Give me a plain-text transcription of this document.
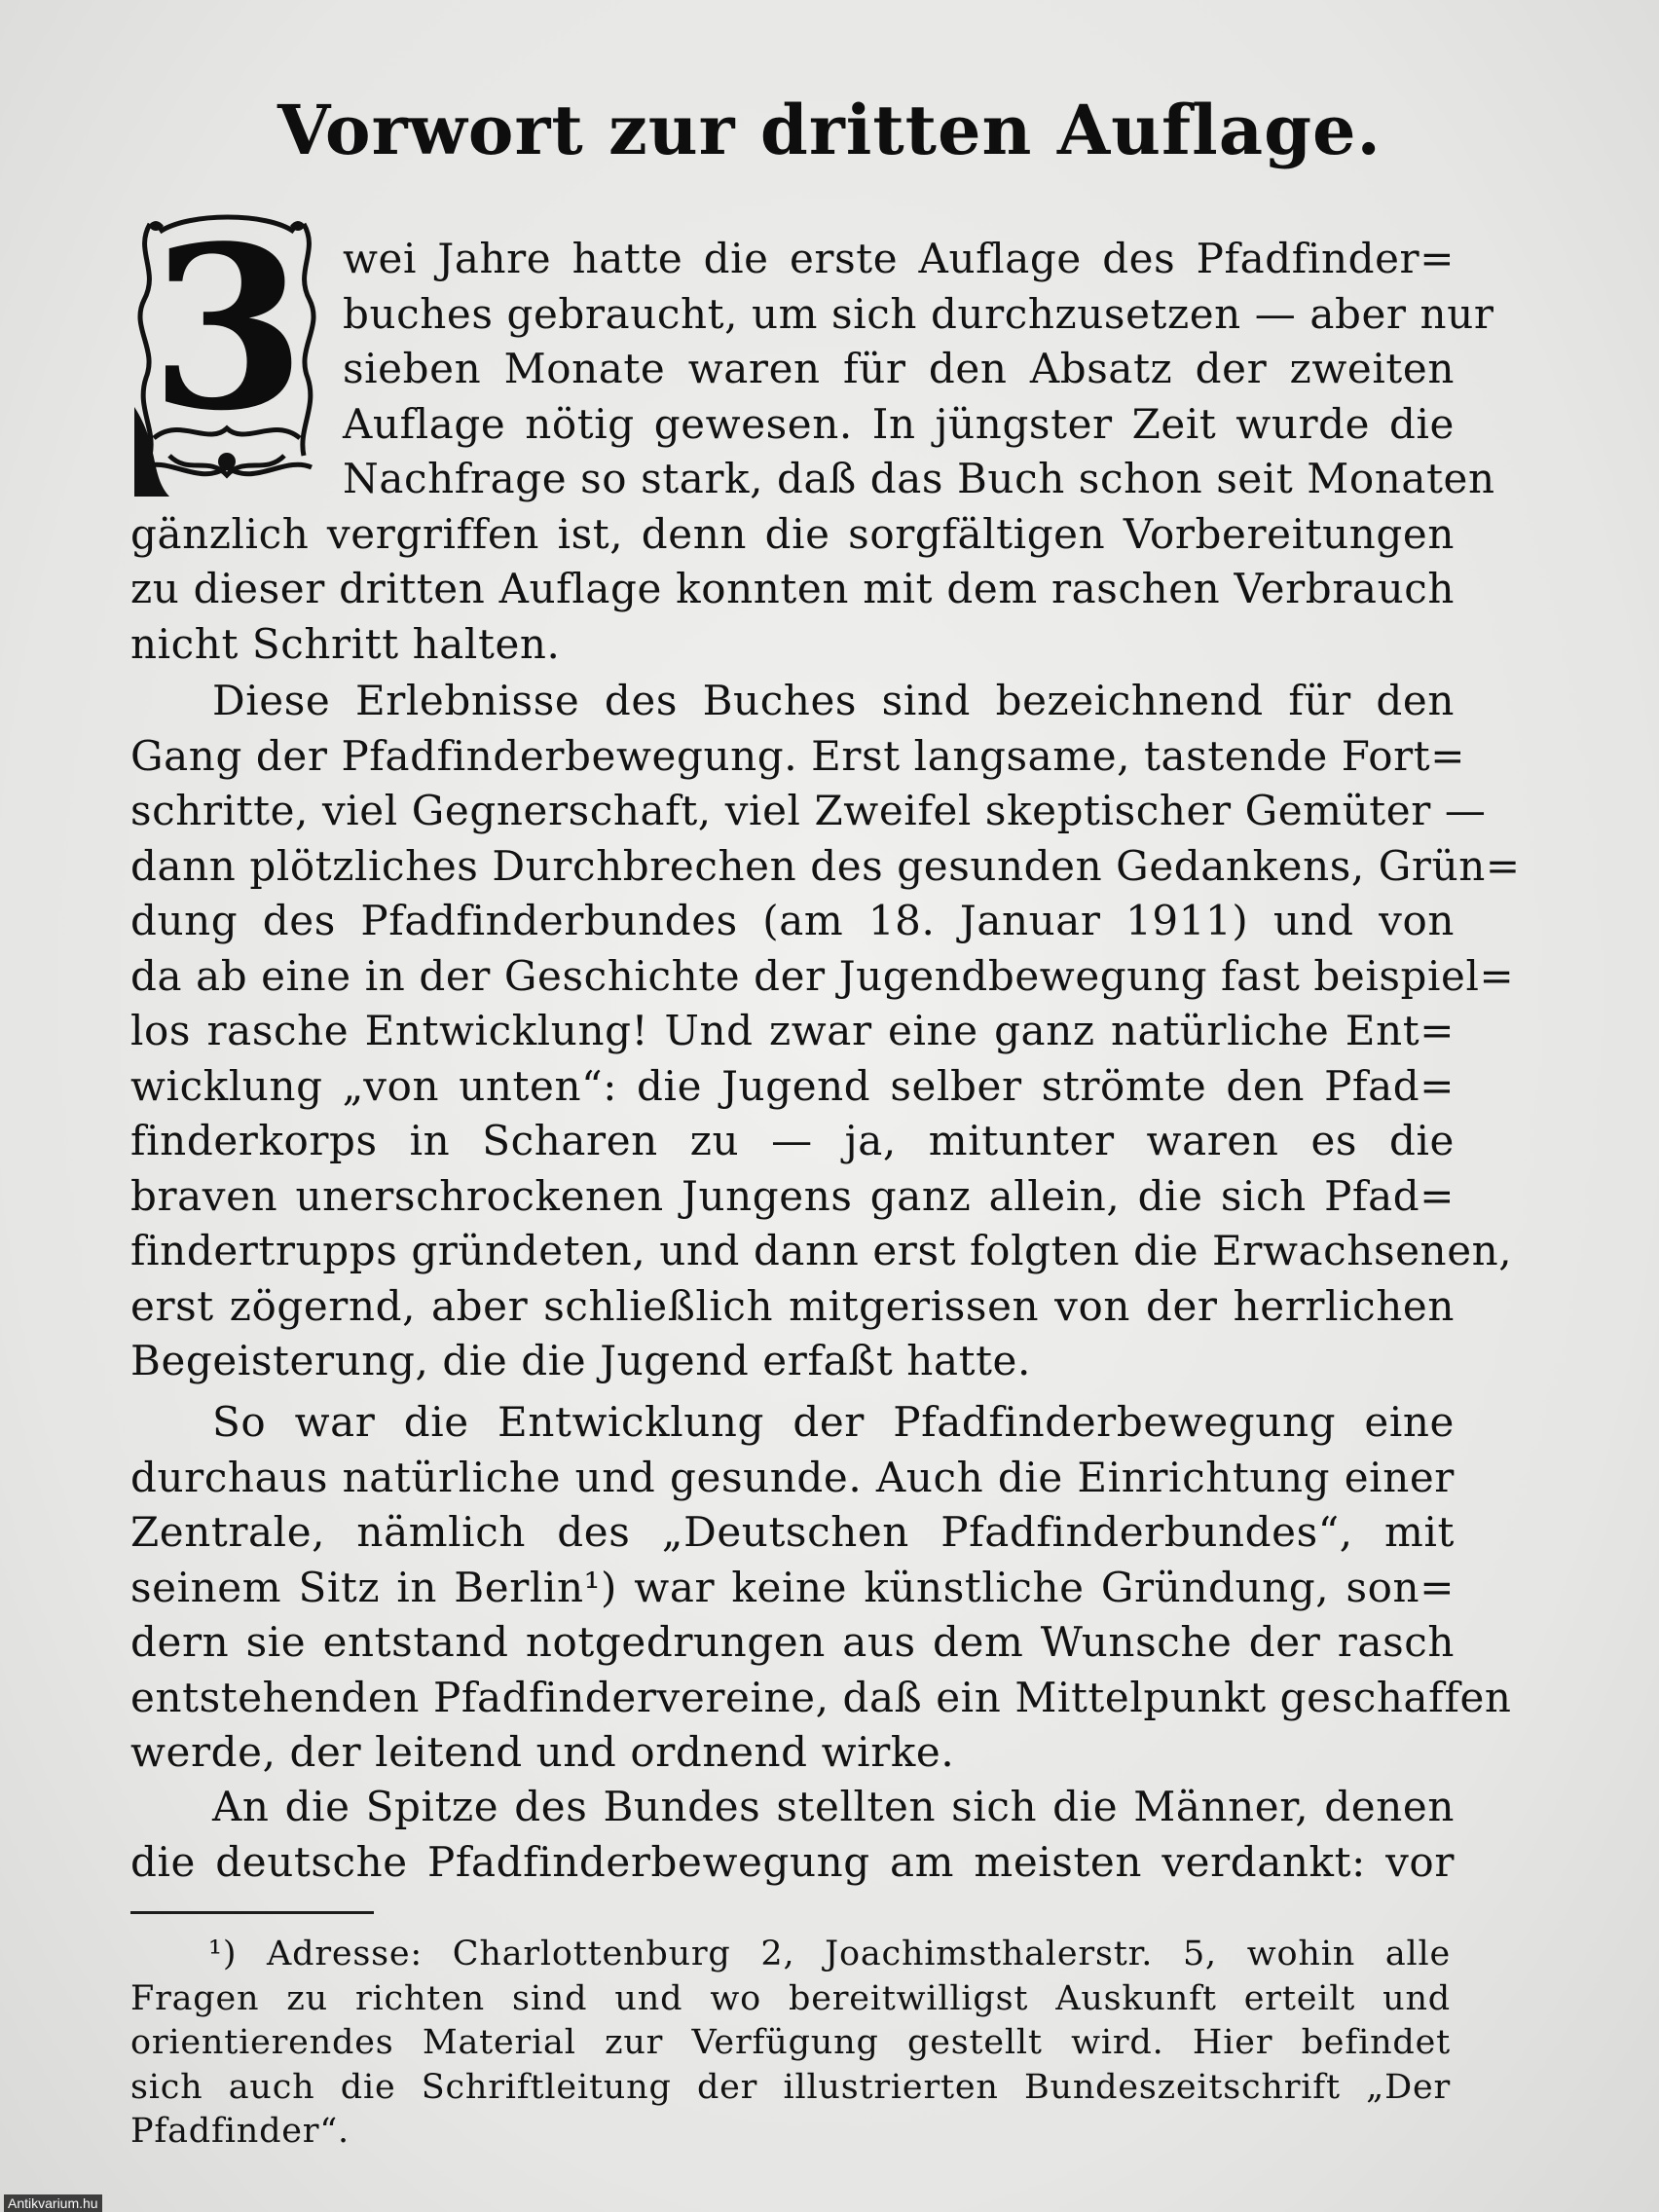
Vorwort zur dritten Auflage.
3 wei Jahre hatte die erste Auflage des Pfadfinder=
buches gebraucht, um sich durchzusetzen — aber nur
sieben Monate waren für den Absatz der zweiten
Auflage nötig gewesen. In jüngster Zeit wurde die
Nachfrage so stark, daß das Buch schon seit Monaten
gänzlich vergriffen ist, denn die sorgfältigen Vorbereitungen
zu dieser dritten Auflage konnten mit dem raschen Verbrauch
nicht Schritt halten.

Diese Erlebnisse des Buches sind bezeichnend für den
Gang der Pfadfinderbewegung. Erst langsame, tastende Fort=
schritte, viel Gegnerschaft, viel Zweifel skeptischer Gemüter —
dann plötzliches Durchbrechen des gesunden Gedankens, Grün=
dung des Pfadfinderbundes (am 18. Januar 1911) und von
da ab eine in der Geschichte der Jugendbewegung fast beispiel=
los rasche Entwicklung! Und zwar eine ganz natürliche Ent=
wicklung „von unten“: die Jugend selber strömte den Pfad=
finderkorps in Scharen zu — ja, mitunter waren es die
braven unerschrockenen Jungens ganz allein, die sich Pfad=
findertrupps gründeten, und dann erst folgten die Erwachsenen,
erst zögernd, aber schließlich mitgerissen von der herrlichen
Begeisterung, die die Jugend erfaßt hatte.

So war die Entwicklung der Pfadfinderbewegung eine
durchaus natürliche und gesunde. Auch die Einrichtung einer
Zentrale, nämlich des „Deutschen Pfadfinderbundes“, mit
seinem Sitz in Berlin¹) war keine künstliche Gründung, son=
dern sie entstand notgedrungen aus dem Wunsche der rasch
entstehenden Pfadfindervereine, daß ein Mittelpunkt geschaffen
werde, der leitend und ordnend wirke.

An die Spitze des Bundes stellten sich die Männer, denen
die deutsche Pfadfinderbewegung am meisten verdankt: vor

¹) Adresse: Charlottenburg 2, Joachimsthalerstr. 5, wohin alle
Fragen zu richten sind und wo bereitwilligst Auskunft erteilt und
orientierendes Material zur Verfügung gestellt wird. Hier befindet
sich auch die Schriftleitung der illustrierten Bundeszeitschrift „Der
Pfadfinder“.

Antikvarium.hu
